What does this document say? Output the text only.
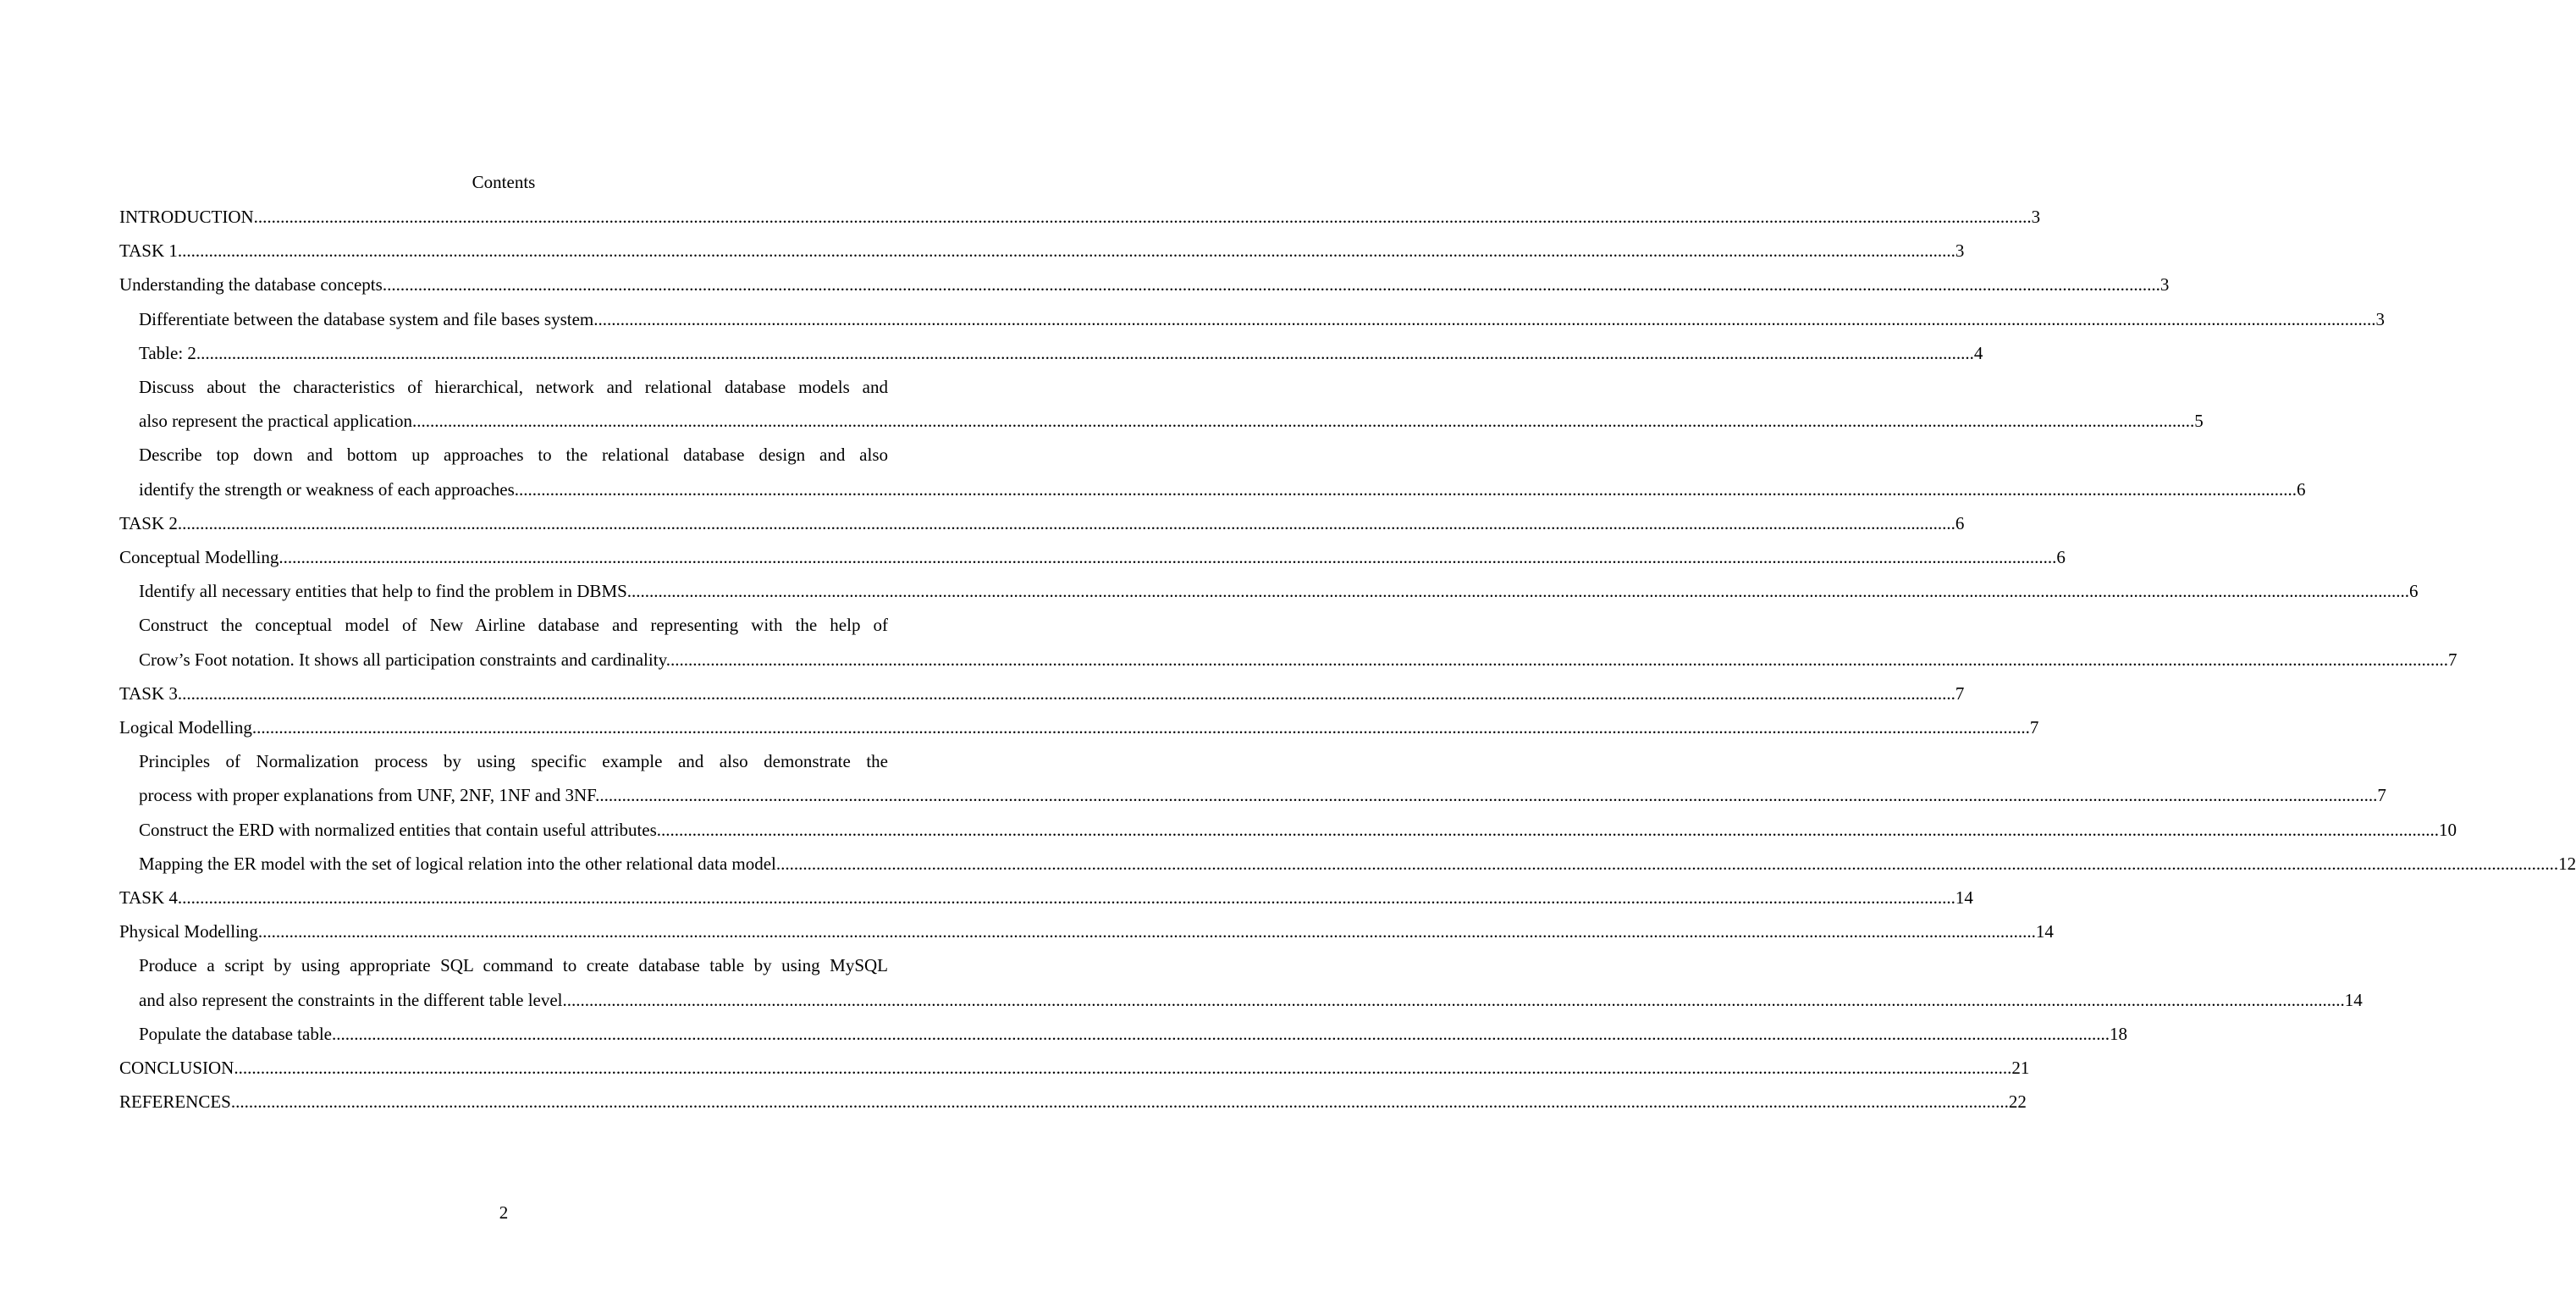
Contents
INTRODUCTION ................................................................................................................................................................................................................................................................................................................................................................................................................ 3
TASK 1 ................................................................................................................................................................................................................................................................................................................................................................................................................ 3
Understanding the database concepts ................................................................................................................................................................................................................................................................................................................................................................................................................ 3
Differentiate between the database system and file bases system. ................................................................................................................................................................................................................................................................................................................................................................................................................ 3
Table: 2 ................................................................................................................................................................................................................................................................................................................................................................................................................ 4
Discuss about the characteristics of hierarchical, network and relational database models and
also represent the practical application. ................................................................................................................................................................................................................................................................................................................................................................................................................ 5
Describe top down and bottom up approaches to the relational database design and also
identify the strength or weakness of each approaches. ................................................................................................................................................................................................................................................................................................................................................................................................................ 6
TASK 2 ................................................................................................................................................................................................................................................................................................................................................................................................................ 6
Conceptual Modelling ................................................................................................................................................................................................................................................................................................................................................................................................................ 6
Identify all necessary entities that help to find the problem in DBMS. ................................................................................................................................................................................................................................................................................................................................................................................................................ 6
Construct the conceptual model of New Airline database and representing with the help of
Crow’s Foot notation. It shows all participation constraints and cardinality. ................................................................................................................................................................................................................................................................................................................................................................................................................ 7
TASK 3 ................................................................................................................................................................................................................................................................................................................................................................................................................ 7
Logical Modelling ................................................................................................................................................................................................................................................................................................................................................................................................................ 7
Principles of Normalization process by using specific example and also demonstrate the
process with proper explanations from UNF, 2NF, 1NF and 3NF. ................................................................................................................................................................................................................................................................................................................................................................................................................ 7
Construct the ERD with normalized entities that contain useful attributes. ................................................................................................................................................................................................................................................................................................................................................................................................................ 10
Mapping the ER model with the set of logical relation into the other relational data model. ................................................................................................................................................................................................................................................................................................................................................................................................................ 12
TASK 4 ................................................................................................................................................................................................................................................................................................................................................................................................................ 14
Physical Modelling ................................................................................................................................................................................................................................................................................................................................................................................................................ 14
Produce a script by using appropriate SQL command to create database table by using MySQL
and also represent the constraints in the different table level. ................................................................................................................................................................................................................................................................................................................................................................................................................ 14
Populate the database table ................................................................................................................................................................................................................................................................................................................................................................................................................ 18
CONCLUSION ................................................................................................................................................................................................................................................................................................................................................................................................................ 21
REFERENCES ................................................................................................................................................................................................................................................................................................................................................................................................................ 22
2
